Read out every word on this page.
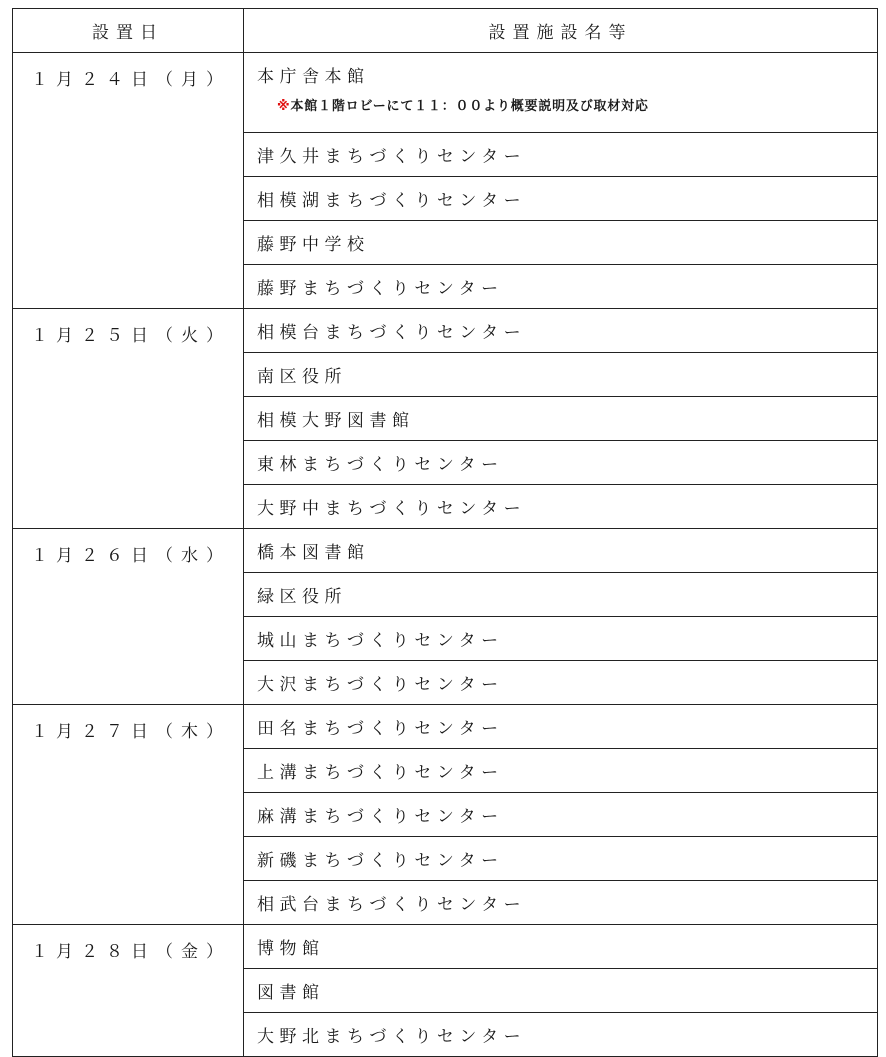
設置日	設置施設名等
１月２４日（月）	本庁舎本館
※本館１階ロビーにて１１：００より概要説明及び取材対応

	津久井まちづくりセンター
	相模湖まちづくりセンター
	藤野中学校
	藤野まちづくりセンター
１月２５日（火）	相模台まちづくりセンター
	南区役所
	相模大野図書館
	東林まちづくりセンター
	大野中まちづくりセンター
１月２６日（水）	橋本図書館
	緑区役所
	城山まちづくりセンター
	大沢まちづくりセンター
１月２７日（木）	田名まちづくりセンター
	上溝まちづくりセンター
	麻溝まちづくりセンター
	新磯まちづくりセンター
	相武台まちづくりセンター
１月２８日（金）	博物館
	図書館
	大野北まちづくりセンター
